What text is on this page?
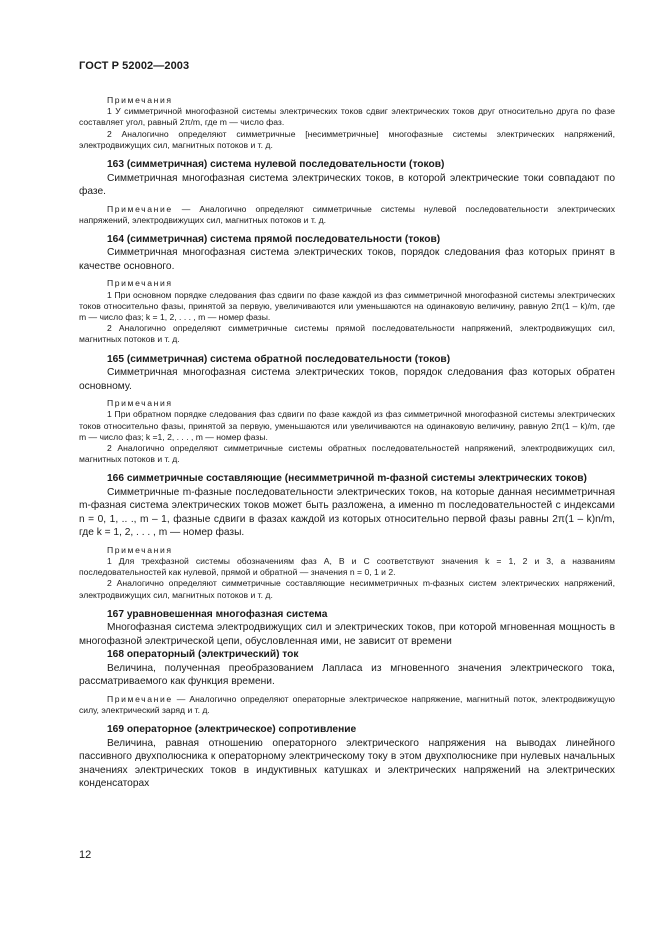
ГОСТ Р 52002—2003

Примечания

1 У симметричной многофазной системы электрических токов сдвиг электрических токов друг относительно друга по фазе составляет угол, равный 2π/m, где m — число фаз.

2 Аналогично определяют симметричные [несимметричные] многофазные системы электрических напряжений, электродвижущих сил, магнитных потоков и т. д.

163 (симметричная) система нулевой последовательности (токов)

Симметричная многофазная система электрических токов, в которой электрические токи совпадают по фазе.

Примечание — Аналогично определяют симметричные системы нулевой последовательности электрических напряжений, электродвижущих сил, магнитных потоков и т. д.

164 (симметричная) система прямой последовательности (токов)

Симметричная многофазная система электрических токов, порядок следования фаз которых принят в качестве основного.

Примечания

1 При основном порядке следования фаз сдвиги по фазе каждой из фаз симметричной многофазной системы электрических токов относительно фазы, принятой за первую, увеличиваются или уменьшаются на одинаковую величину, равную 2π(1 – k)/m, где m — число фаз; k = 1, 2, . . . , m — номер фазы.

2 Аналогично определяют симметричные системы прямой последовательности напряжений, электродвижущих сил, магнитных потоков и т. д.

165 (симметричная) система обратной последовательности (токов)

Симметричная многофазная система электрических токов, порядок следования фаз которых обратен основному.

Примечания

1 При обратном порядке следования фаз сдвиги по фазе каждой из фаз симметричной многофазной системы электрических токов относительно фазы, принятой за первую, уменьшаются или увеличиваются на одинаковую величину, равную 2π(1 – k)/m, где m — число фаз; k =1, 2, . . . , m — номер фазы.

2 Аналогично определяют симметричные системы обратных последовательностей напряжений, электродвижущих сил, магнитных потоков и т. д.

166 симметричные составляющие (несимметричной m-фазной системы электрических токов)

Симметричные m-фазные последовательности электрических токов, на которые данная несимметричная m-фазная система электрических токов может быть разложена, а именно m последовательностей с индексами n = 0, 1, .. ., m – 1, фазные сдвиги в фазах каждой из которых относительно первой фазы равны 2π(1 – k)n/m, где k = 1, 2, . . . , m — номер фазы.

Примечания

1 Для трехфазной системы обозначениям фаз А, В и С соответствуют значения k = 1, 2 и 3, а названиям последовательностей как нулевой, прямой и обратной — значения n = 0, 1 и 2.

2 Аналогично определяют симметричные составляющие несимметричных m-фазных систем электрических напряжений, электродвижущих сил, магнитных потоков и т. д.

167 уравновешенная многофазная система

Многофазная система электродвижущих сил и электрических токов, при которой мгновенная мощность в многофазной электрической цепи, обусловленная ими, не зависит от времени

168 операторный (электрический) ток

Величина, полученная преобразованием Лапласа из мгновенного значения электрического тока, рассматриваемого как функция времени.

Примечание — Аналогично определяют операторные электрическое напряжение, магнитный поток, электродвижущую силу, электрический заряд и т. д.

169 операторное (электрическое) сопротивление

Величина, равная отношению операторного электрического напряжения на выводах линейного пассивного двухполюсника к операторному электрическому току в этом двухполюснике при нулевых начальных значениях электрических токов в индуктивных катушках и электрических напряжений на электрических конденсаторах

12
